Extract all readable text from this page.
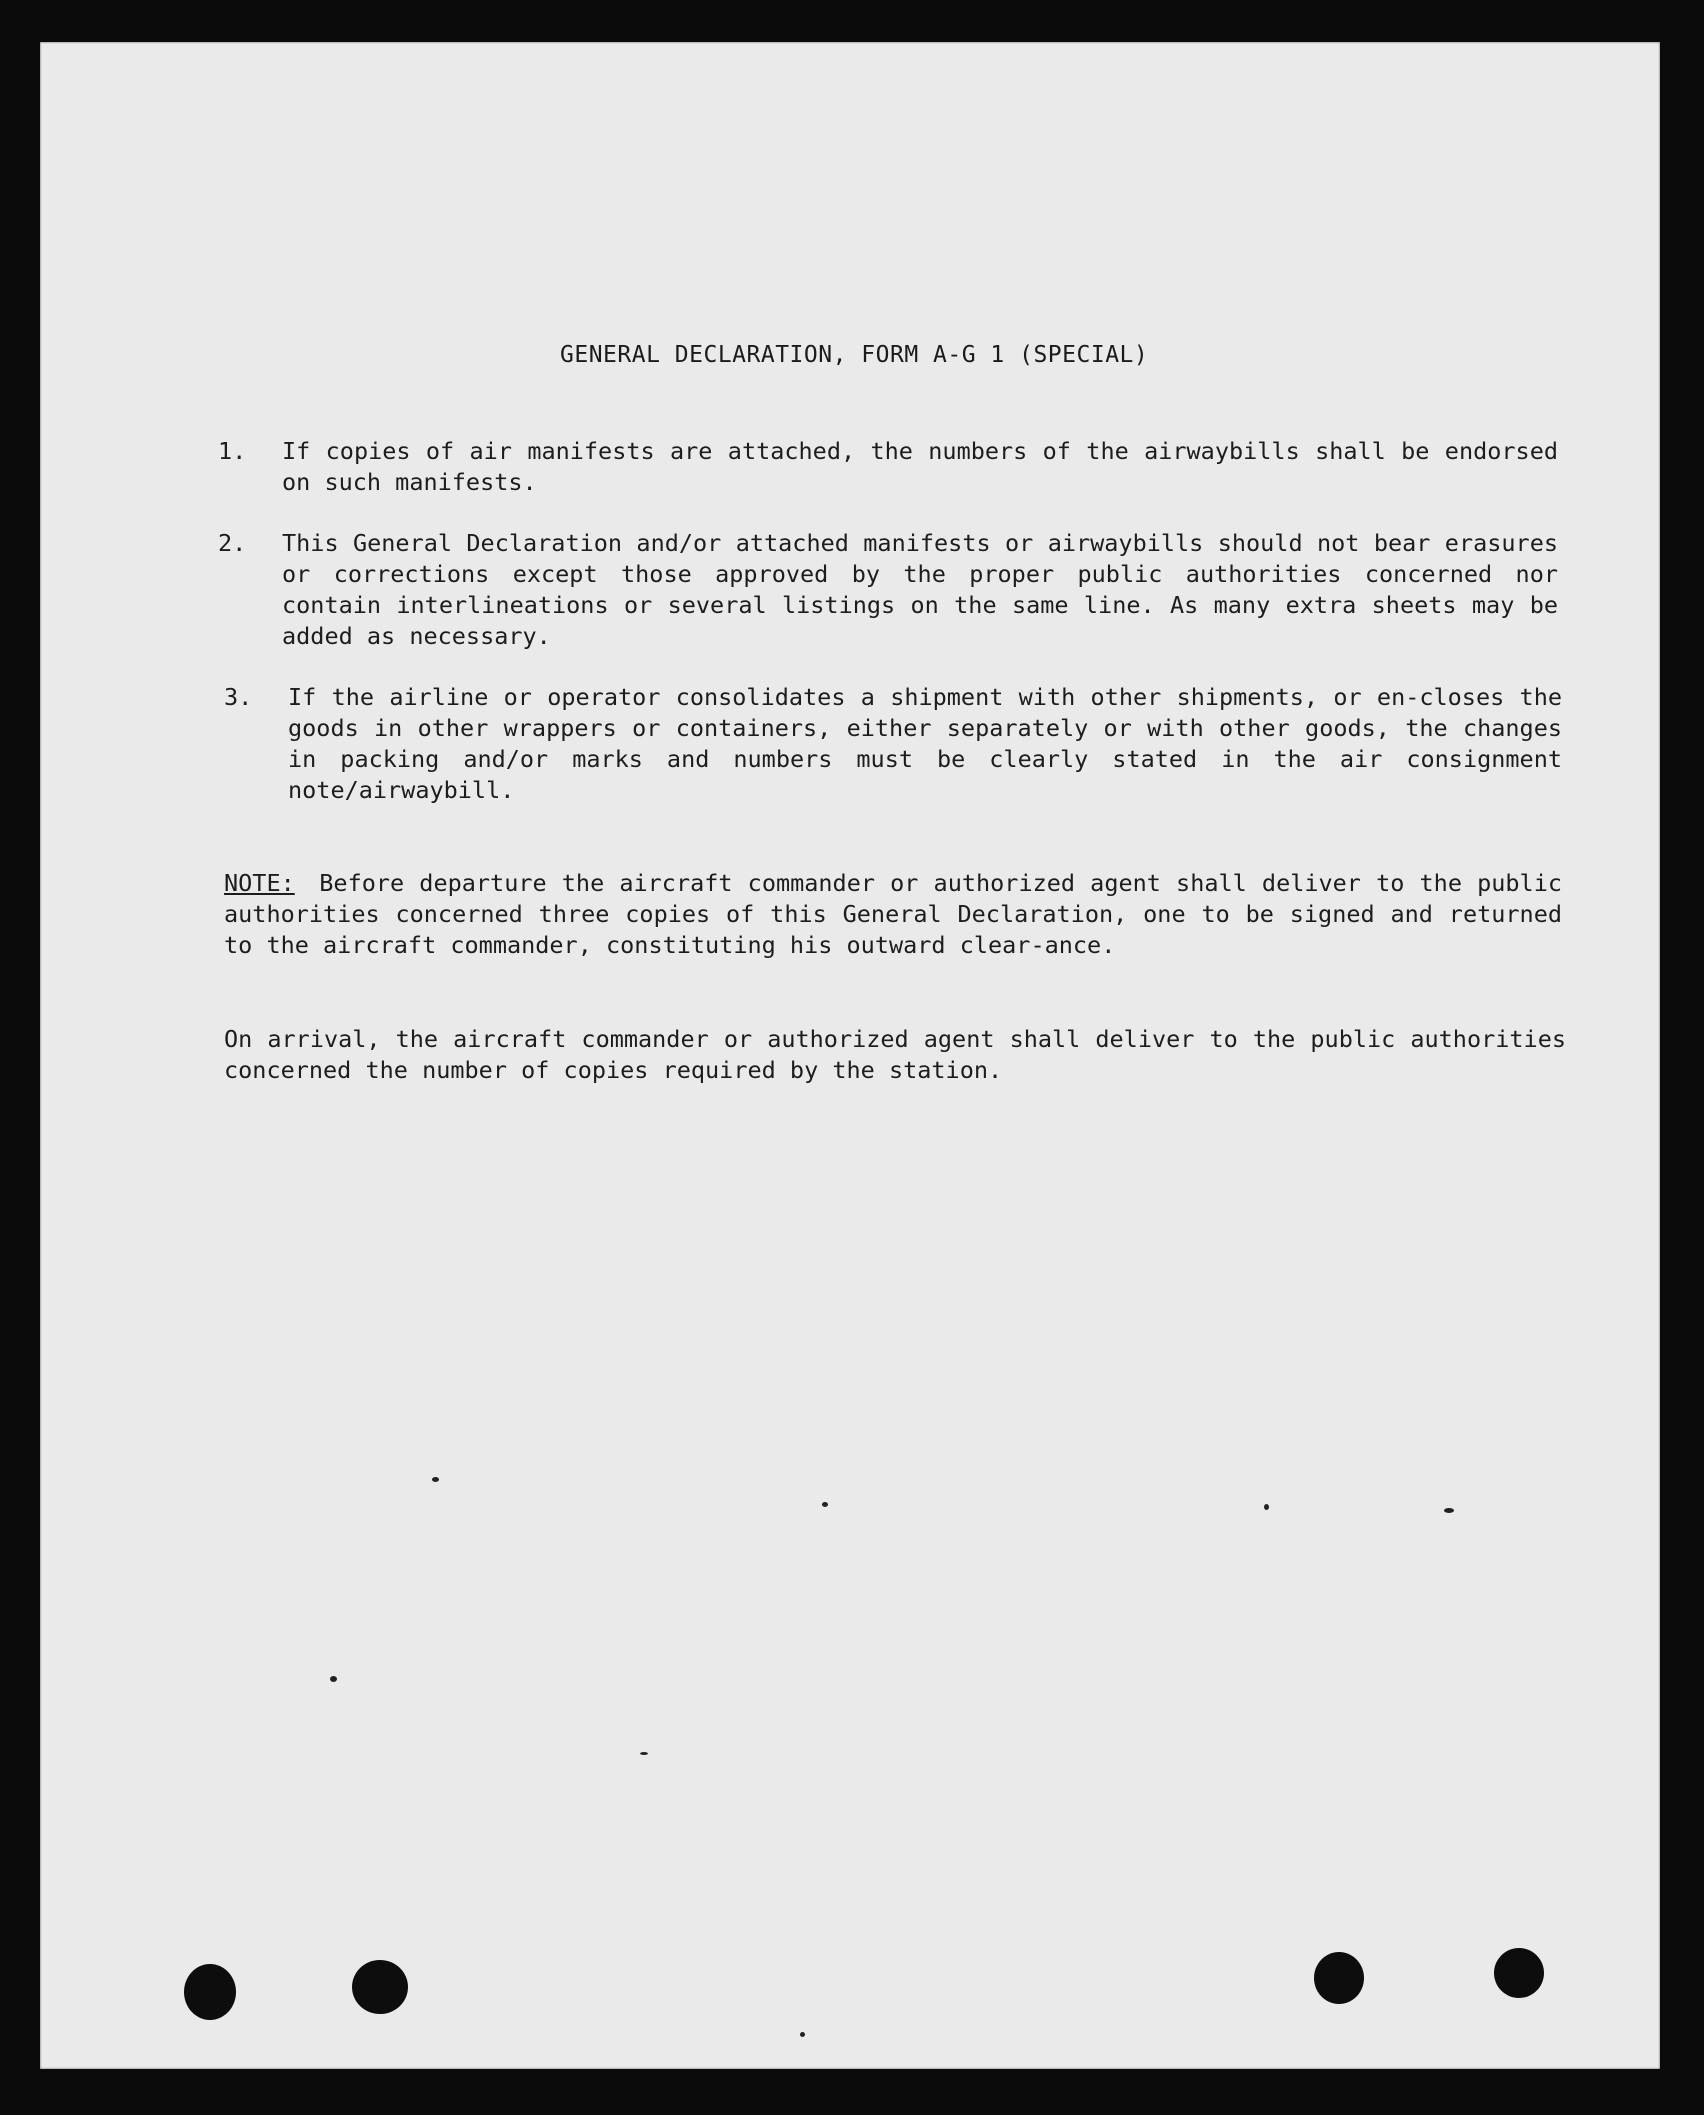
GENERAL DECLARATION, FORM A-G 1 (SPECIAL)
1. If copies of air manifests are attached, the numbers of the airwaybills shall be endorsed on such manifests.
2. This General Declaration and/or attached manifests or airwaybills should not bear erasures or corrections except those approved by the proper public authorities concerned nor contain interlineations or several listings on the same line. As many extra sheets may be added as necessary.
3. If the airline or operator consolidates a shipment with other shipments, or en-closes the goods in other wrappers or containers, either separately or with other goods, the changes in packing and/or marks and numbers must be clearly stated in the air consignment note/airwaybill.
NOTE: Before departure the aircraft commander or authorized agent shall deliver to the public authorities concerned three copies of this General Declaration, one to be signed and returned to the aircraft commander, constituting his outward clear-ance.
On arrival, the aircraft commander or authorized agent shall deliver to the public authorities concerned the number of copies required by the station.
